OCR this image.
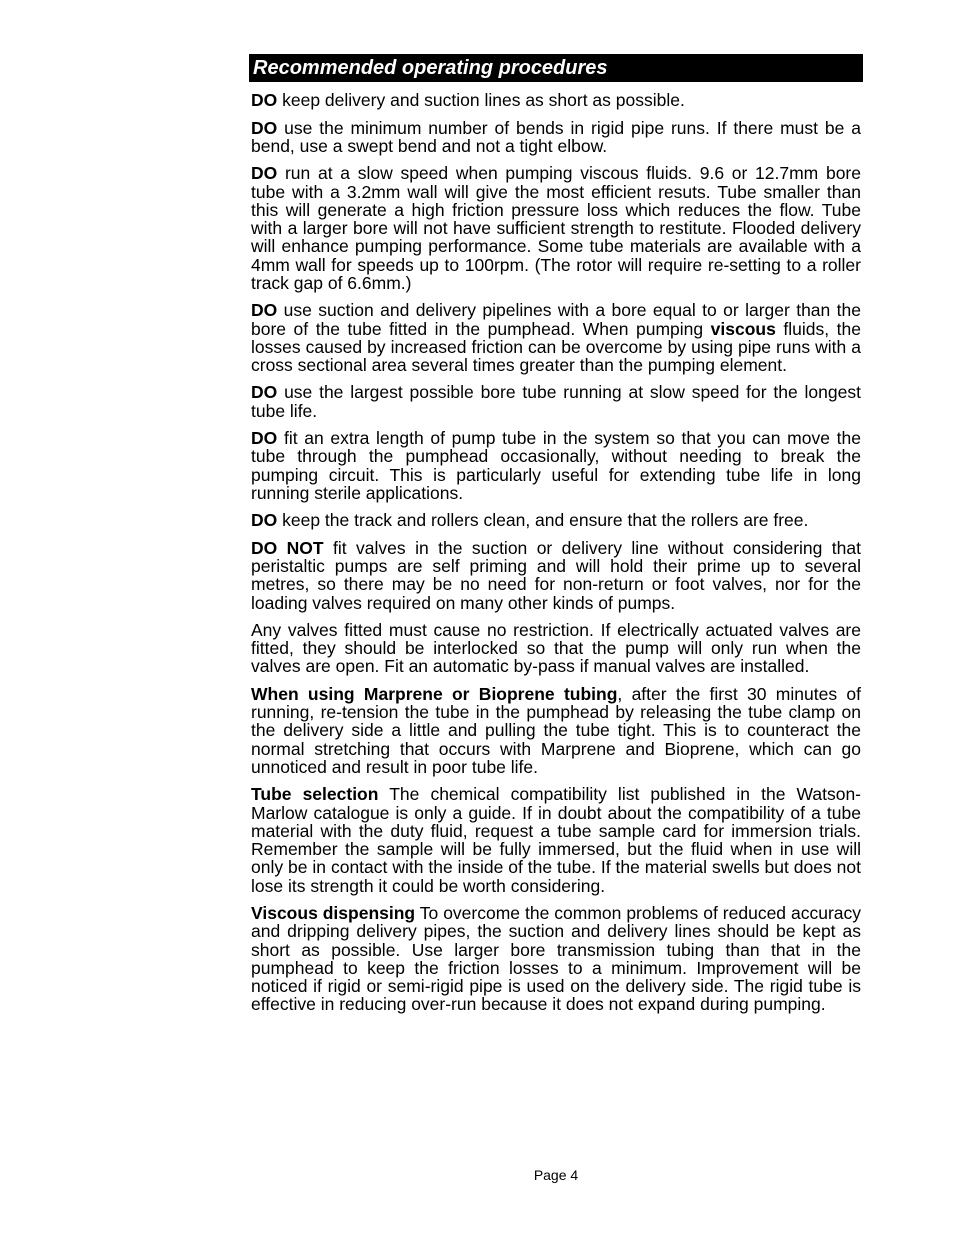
Recommended operating procedures

DO keep delivery and suction lines as short as possible.

DO use the minimum number of bends in rigid pipe runs. If there must be a bend, use a swept bend and not a tight elbow.

DO run at a slow speed when pumping viscous fluids. 9.6 or 12.7mm bore tube with a 3.2mm wall will give the most efficient resuts. Tube smaller than this will generate a high friction pressure loss which reduces the flow. Tube with a larger bore will not have sufficient strength to restitute. Flooded delivery will enhance pumping performance. Some tube materials are available with a 4mm wall for speeds up to 100rpm. (The rotor will require re-setting to a roller track gap of 6.6mm.)

DO use suction and delivery pipelines with a bore equal to or larger than the bore of the tube fitted in the pumphead. When pumping viscous fluids, the losses caused by increased friction can be overcome by using pipe runs with a cross sectional area several times greater than the pumping element.

DO use the largest possible bore tube running at slow speed for the longest tube life.

DO fit an extra length of pump tube in the system so that you can move the tube through the pumphead occasionally, without needing to break the pumping circuit. This is particularly useful for extending tube life in long running sterile applications.

DO keep the track and rollers clean, and ensure that the rollers are free.

DO NOT fit valves in the suction or delivery line without considering that peristaltic pumps are self priming and will hold their prime up to several metres, so there may be no need for non-return or foot valves, nor for the loading valves required on many other kinds of pumps.

Any valves fitted must cause no restriction. If electrically actuated valves are fitted, they should be interlocked so that the pump will only run when the valves are open. Fit an automatic by-pass if manual valves are installed.

When using Marprene or Bioprene tubing, after the first 30 minutes of running, re-tension the tube in the pumphead by releasing the tube clamp on the delivery side a little and pulling the tube tight. This is to counteract the normal stretching that occurs with Marprene and Bioprene, which can go unnoticed and result in poor tube life.

Tube selection The chemical compatibility list published in the Watson-Marlow catalogue is only a guide. If in doubt about the compatibility of a tube material with the duty fluid, request a tube sample card for immersion trials. Remember the sample will be fully immersed, but the fluid when in use will only be in contact with the inside of the tube. If the material swells but does not lose its strength it could be worth considering.

Viscous dispensing To overcome the common problems of reduced accuracy and dripping delivery pipes, the suction and delivery lines should be kept as short as possible. Use larger bore transmission tubing than that in the pumphead to keep the friction losses to a minimum. Improvement will be noticed if rigid or semi-rigid pipe is used on the delivery side. The rigid tube is effective in reducing over-run because it does not expand during pumping.

Page 4
